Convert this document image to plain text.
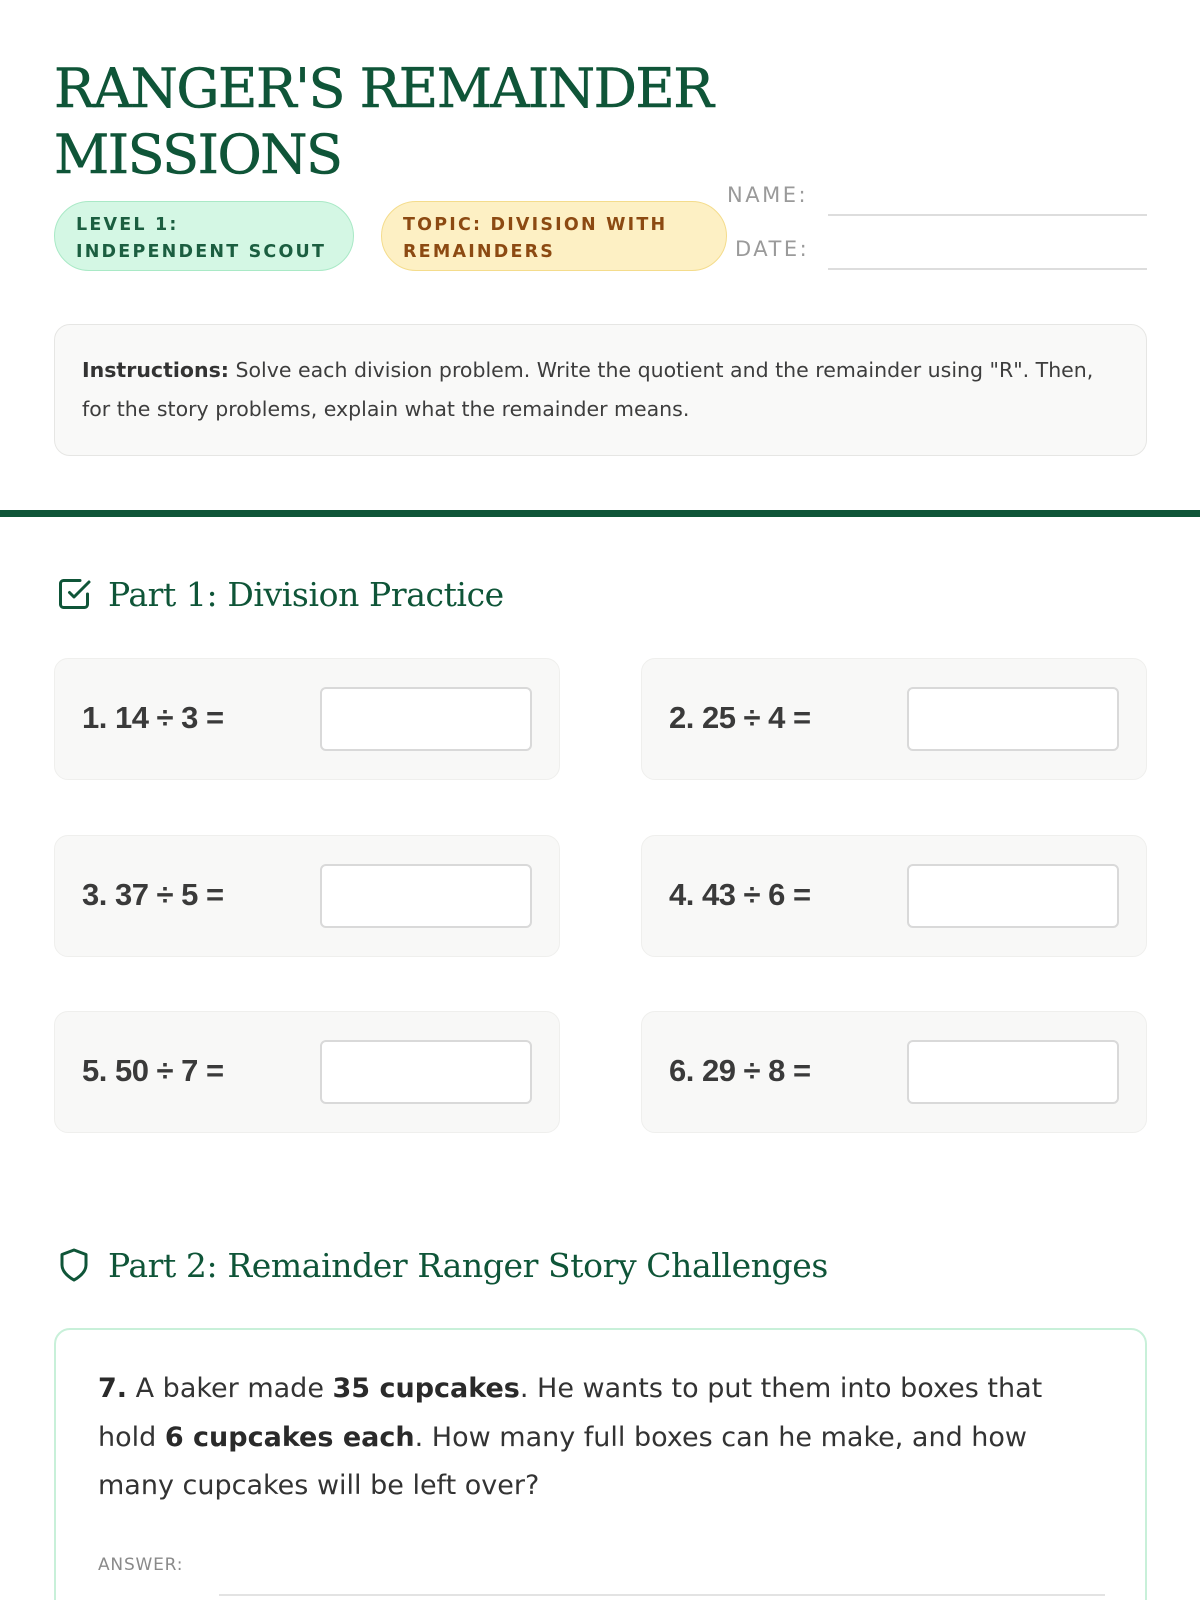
RANGER'S REMAINDER MISSIONS
LEVEL 1:
INDEPENDENT SCOUT
TOPIC: DIVISION WITH
REMAINDERS
NAME:
DATE:
Instructions: Solve each division problem. Write the quotient and the remainder using "R". Then, for the story problems, explain what the remainder means.
Part 1: Division Practice
1. 14 ÷ 3 =	2. 25 ÷ 4 =
3. 37 ÷ 5 =	4. 43 ÷ 6 =
5. 50 ÷ 7 =	6. 29 ÷ 8 =
Part 2: Remainder Ranger Story Challenges
7. A baker made 35 cupcakes. He wants to put them into boxes that hold 6 cupcakes each. How many full boxes can he make, and how many cupcakes will be left over?
ANSWER:
